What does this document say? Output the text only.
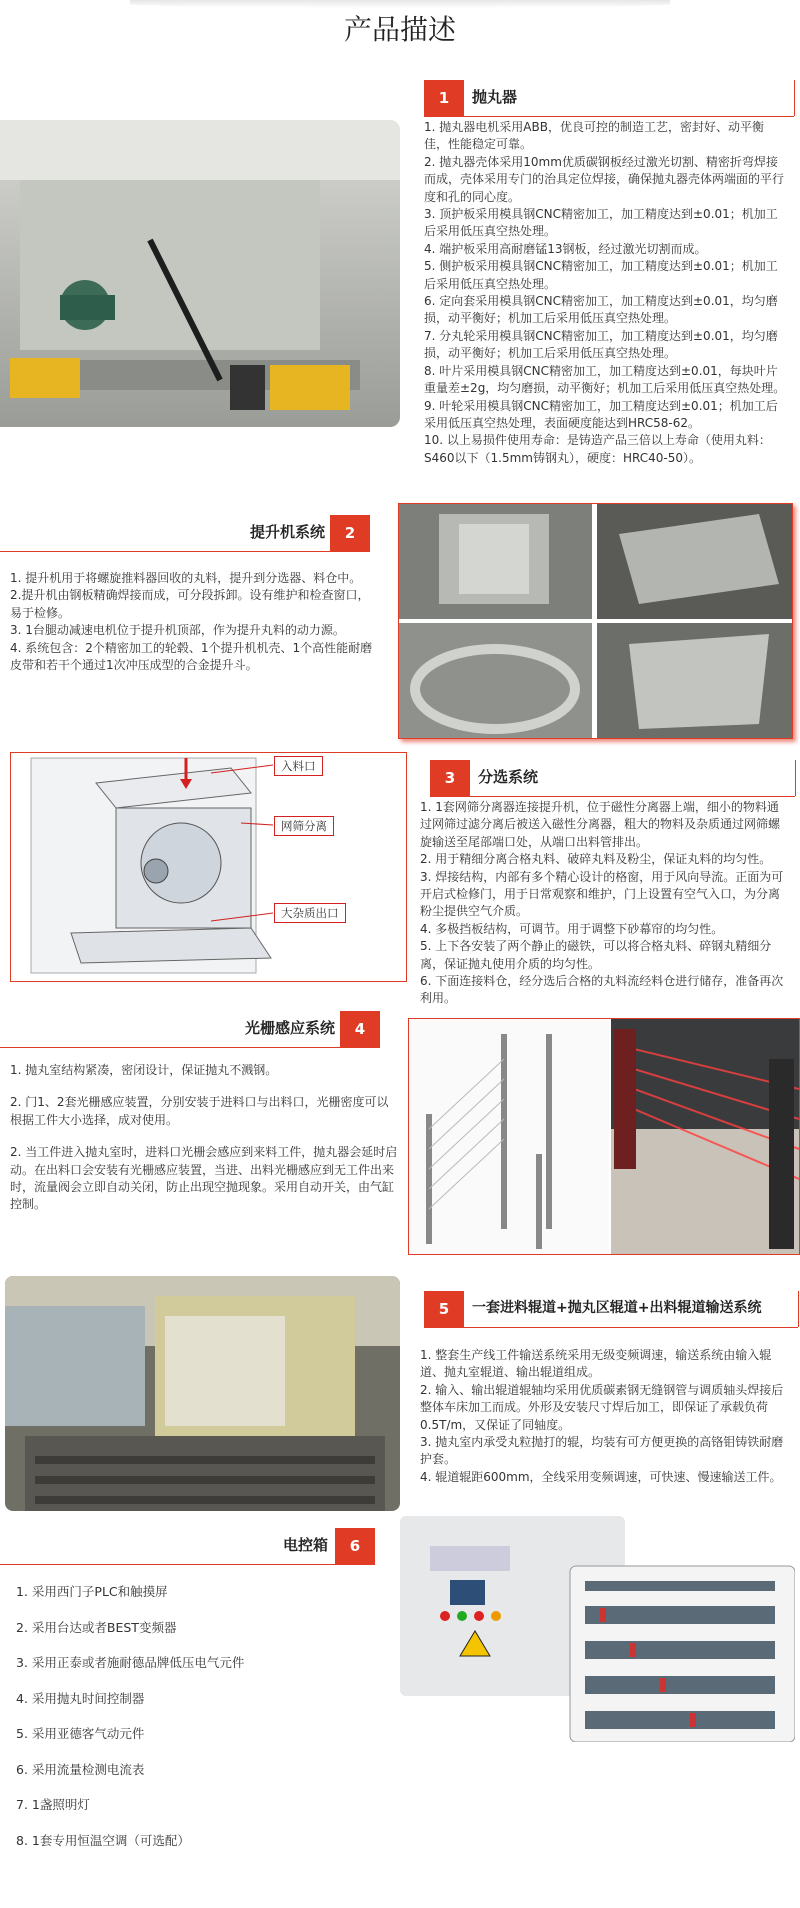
产品描述
1	抛丸器

1. 抛丸器电机采用ABB，优良可控的制造工艺，密封好、动平衡佳，性能稳定可靠。

2. 抛丸器壳体采用10mm优质碳钢板经过激光切割、精密折弯焊接而成，壳体采用专门的治具定位焊接，确保抛丸器壳体两端面的平行度和孔的同心度。

3. 顶护板采用模具钢CNC精密加工，加工精度达到±0.01；机加工后采用低压真空热处理。

4. 端护板采用高耐磨锰13钢板，经过激光切割而成。

5. 侧护板采用模具钢CNC精密加工，加工精度达到±0.01；机加工后采用低压真空热处理。

6. 定向套采用模具钢CNC精密加工，加工精度达到±0.01，均匀磨损，动平衡好；机加工后采用低压真空热处理。

7. 分丸轮采用模具钢CNC精密加工，加工精度达到±0.01，均匀磨损，动平衡好；机加工后采用低压真空热处理。

8. 叶片采用模具钢CNC精密加工，加工精度达到±0.01，每块叶片重量差±2g，均匀磨损，动平衡好；机加工后采用低压真空热处理。

9. 叶轮采用模具钢CNC精密加工，加工精度达到±0.01；机加工后采用低压真空热处理，表面硬度能达到HRC58-62。

10. 以上易损件使用寿命：是铸造产品三倍以上寿命（使用丸料：S460以下（1.5mm铸钢丸），硬度：HRC40-50）。

提升机系统	2

1. 提升机用于将螺旋推料器回收的丸料，提升到分选器、料仓中。

2.提升机由钢板精确焊接而成，可分段拆卸。设有维护和检查窗口，易于检修。

3. 1台腿动减速电机位于提升机顶部，作为提升丸料的动力源。

4. 系统包含：2个精密加工的轮毂、1个提升机机壳、1个高性能耐磨皮带和若干个通过1次冲压成型的合金提升斗。

入料口
网筛分离
大杂质出口
3	分选系统

1. 1套网筛分离器连接提升机，位于磁性分离器上端，细小的物料通过网筛过滤分离后被送入磁性分离器，粗大的物料及杂质通过网筛螺旋输送至尾部端口处，从端口出料管排出。

2. 用于精细分离合格丸料、破碎丸料及粉尘，保证丸料的均匀性。

3. 焊接结构，内部有多个精心设计的格窗，用于风向导流。正面为可开启式检修门，用于日常观察和维护，门上设置有空气入口，为分离粉尘提供空气介质。

4. 多极挡板结构，可调节。用于调整下砂幕帘的均匀性。

5. 上下各安装了两个静止的磁铁，可以将合格丸料、碎钢丸精细分离，保证抛丸使用介质的均匀性。

6. 下面连接料仓，经分选后合格的丸料流经料仓进行储存，准备再次利用。

光栅感应系统	4

1. 抛丸室结构紧凑，密闭设计，保证抛丸不溅钢。

2. 门1、2套光栅感应装置，分别安装于进料口与出料口，光栅密度可以根据工件大小选择，成对使用。

2. 当工件进入抛丸室时，进料口光栅会感应到来料工件，抛丸器会延时启动。在出料口会安装有光栅感应装置，当进、出料光栅感应到无工件出来时，流量阀会立即自动关闭，防止出现空抛现象。采用自动开关，由气缸控制。

5	一套进料辊道+抛丸区辊道+出料辊道输送系统

1. 整套生产线工件输送系统采用无级变频调速，输送系统由输入辊道、抛丸室辊道、输出辊道组成。

2. 输入、输出辊道辊轴均采用优质碳素钢无缝钢管与调质轴头焊接后整体车床加工而成。外形及安装尺寸焊后加工，即保证了承载负荷0.5T/m，又保证了同轴度。

3. 抛丸室内承受丸粒抛打的辊，均装有可方便更换的高铬钼铸铁耐磨护套。

4. 辊道辊距600mm，全线采用变频调速，可快速、慢速输送工件。

电控箱	6

1. 采用西门子PLC和触摸屏

2. 采用台达或者BEST变频器

3. 采用正泰或者施耐德品牌低压电气元件

4. 采用抛丸时间控制器

5. 采用亚德客气动元件

6. 采用流量检测电流表

7. 1盏照明灯

8. 1套专用恒温空调（可选配）
